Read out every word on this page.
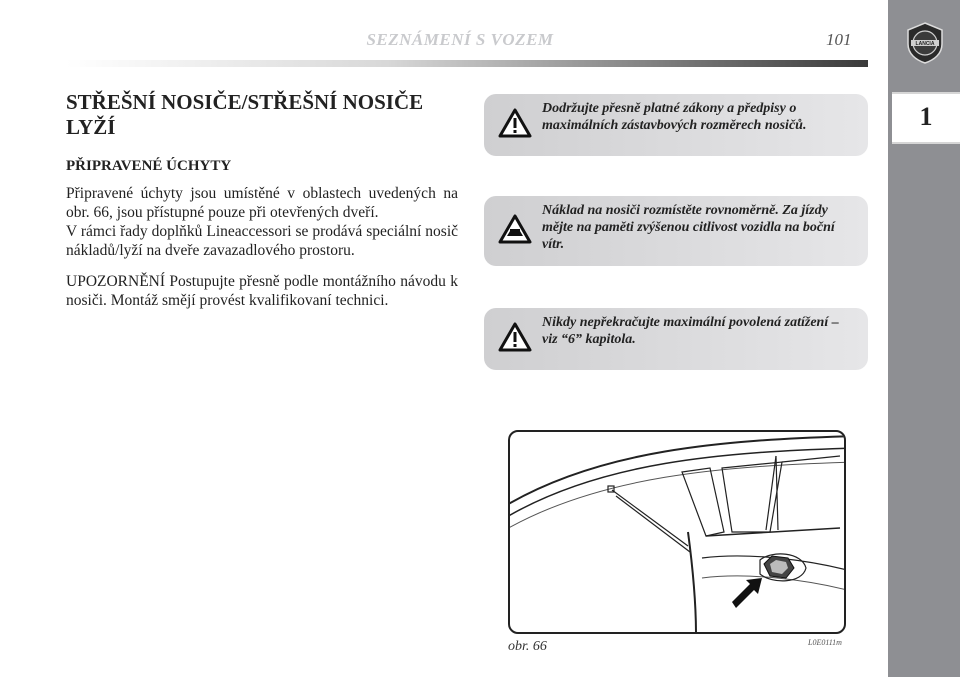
SEZNÁMENÍ S VOZEM	101	LANCIA
1
STŘEŠNÍ NOSIČE/STŘEŠNÍ NOSIČE LYŽÍ
PŘIPRAVENÉ ÚCHYTY

Připravené úchyty jsou umístěné v oblastech uvedených na obr. 66, jsou přístupné pouze při otevřených dveří.

V rámci řady doplňků Lineaccessori se prodává speciální nosič nákladů/lyží na dveře zavazadlového prostoru.

UPOZORNĚNÍ Postupujte přesně podle montážního návodu k nosiči. Montáž smějí provést kvalifikovaní technici.

Dodržujte přesně platné zákony a předpisy o maximálních zástavbových rozměrech nosičů.

Náklad na nosiči rozmístěte rovnoměrně. Za jízdy mějte na paměti zvýšenou citlivost vozidla na boční vítr.

Nikdy nepřekračujte maximální povolená zatížení – viz “6” kapitola.

obr. 66	L0E0111m
